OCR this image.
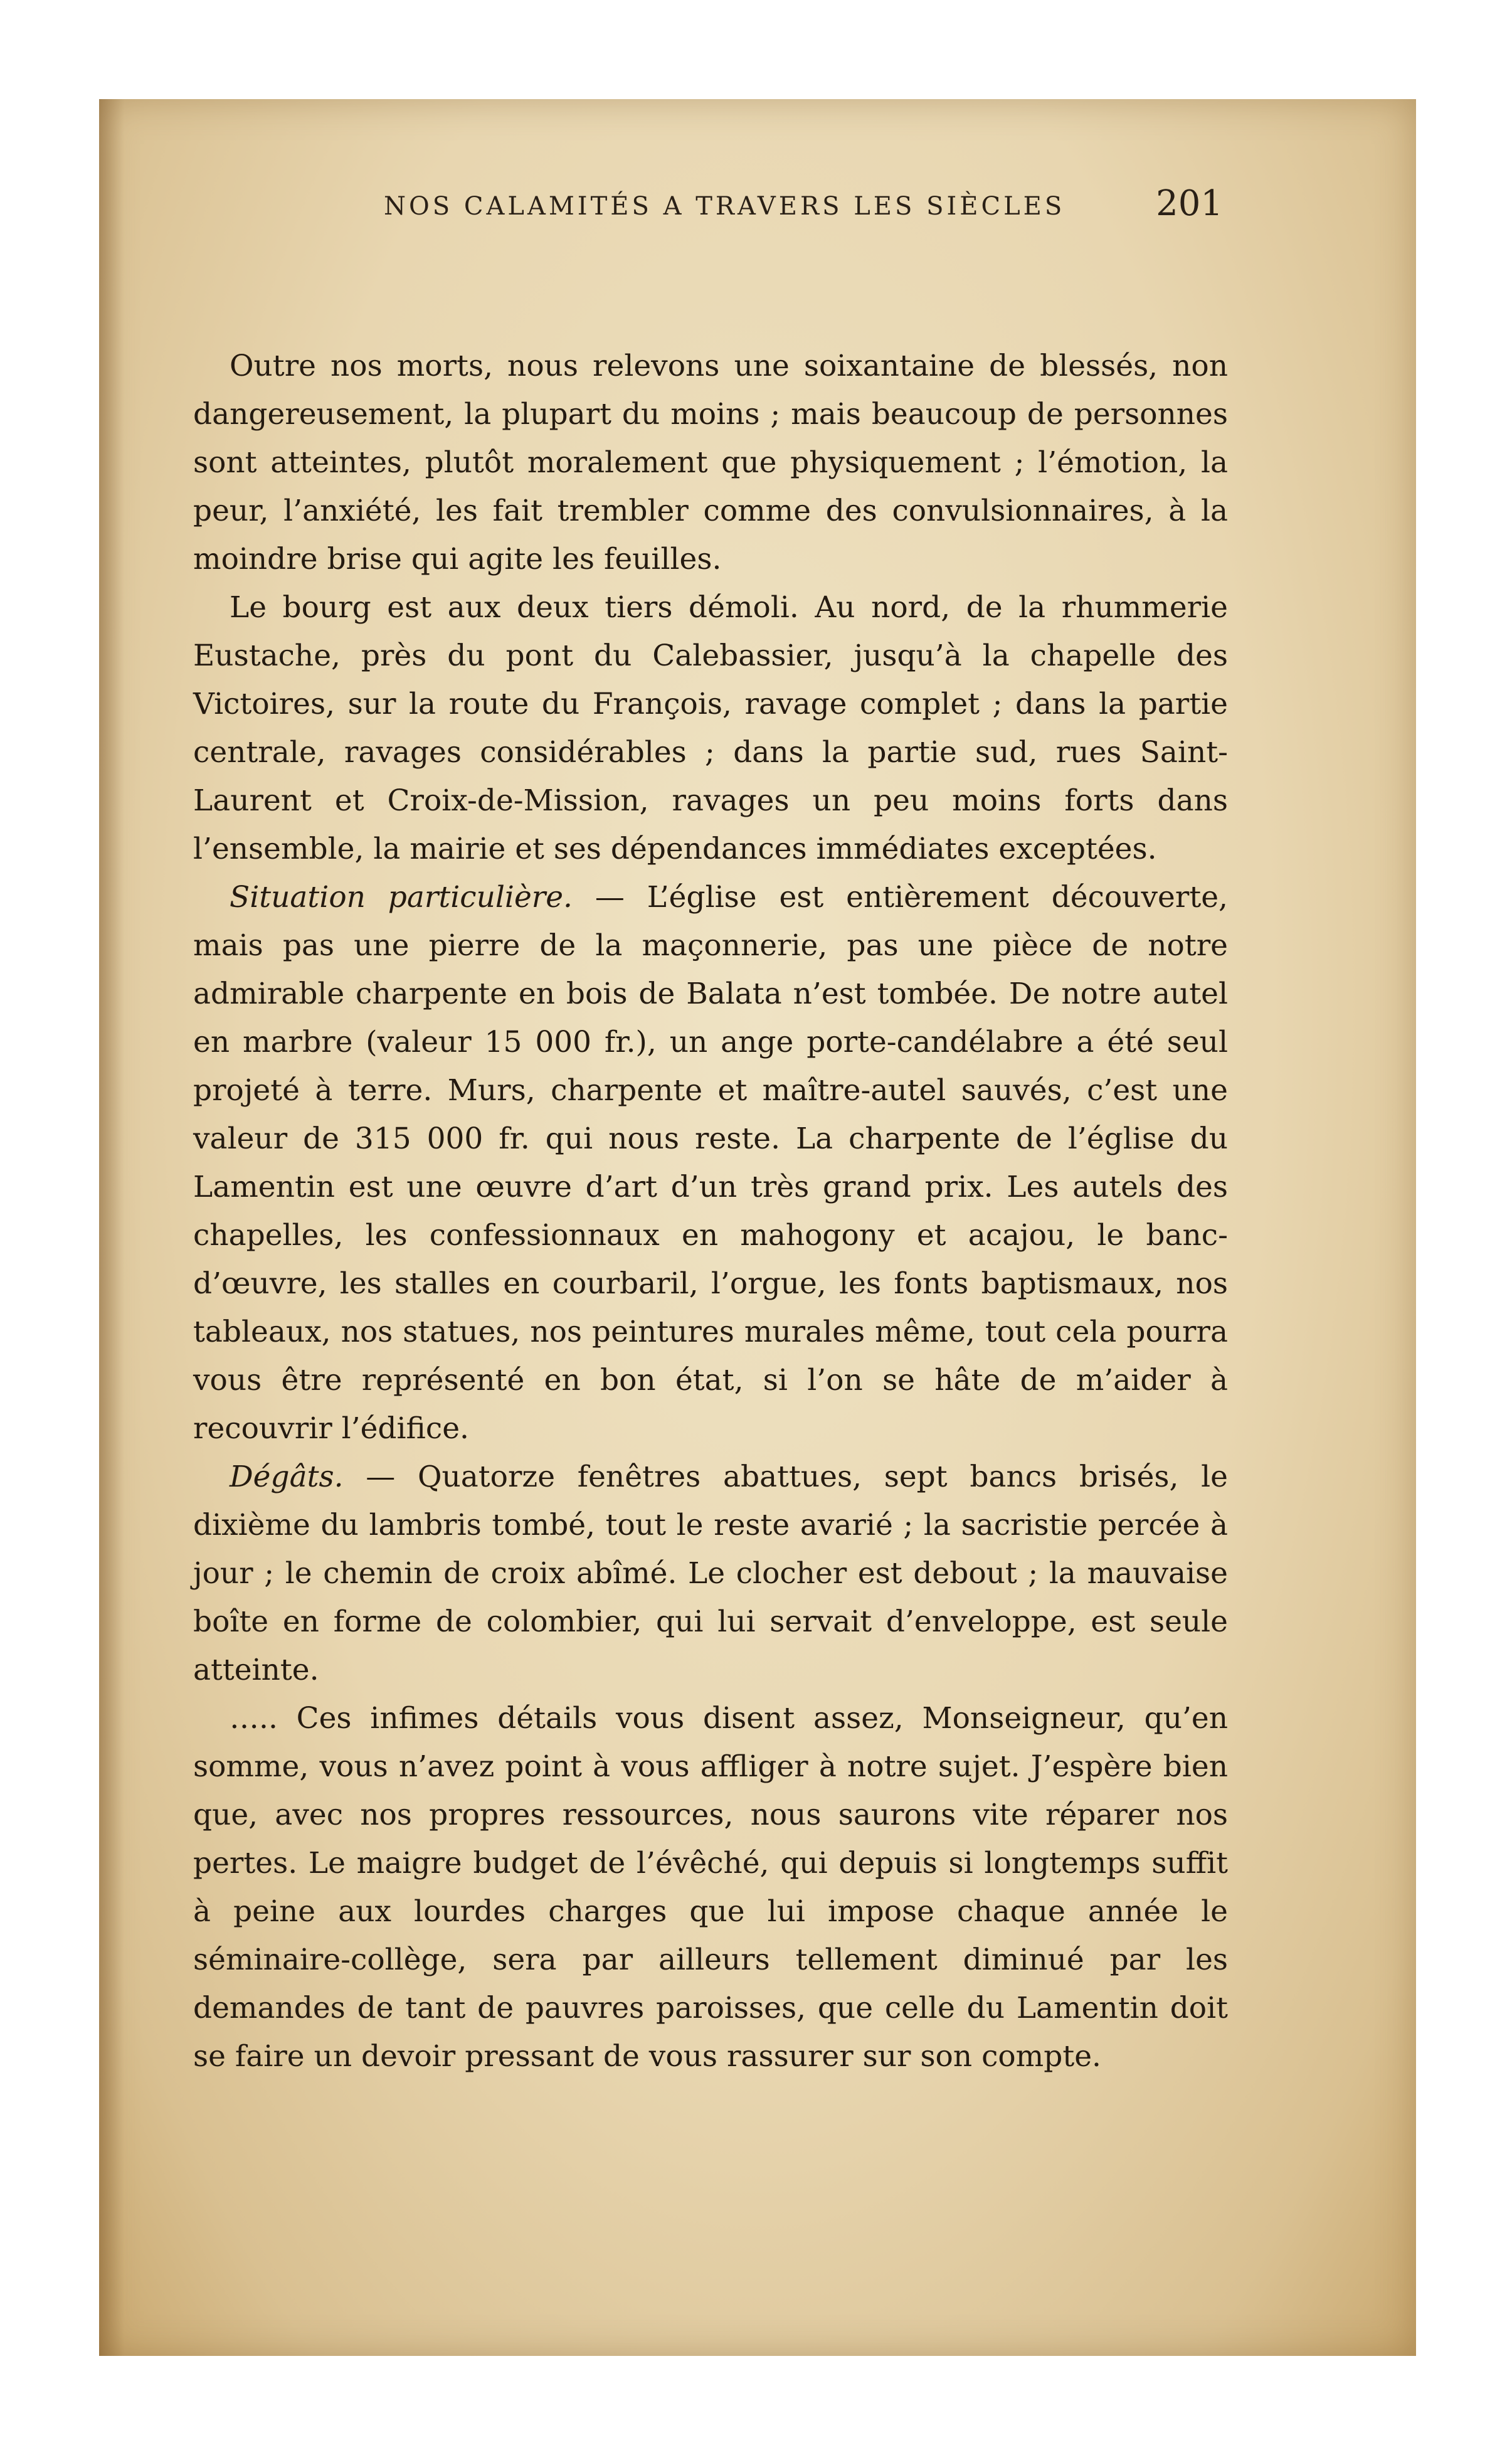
NOS CALAMITÉS A TRAVERS LES SIÈCLES	201

Outre nos morts, nous relevons une soixantaine de blessés, non dangereusement, la plupart du moins ; mais beaucoup de personnes sont atteintes, plutôt moralement que physiquement ; l’émotion, la peur, l’anxiété, les fait trembler comme des convulsionnaires, à la moindre brise qui agite les feuilles.

Le bourg est aux deux tiers démoli. Au nord, de la rhummerie Eustache, près du pont du Calebassier, jusqu’à la chapelle des Victoires, sur la route du François, ravage complet ; dans la partie centrale, ravages considérables ; dans la partie sud, rues Saint-Laurent et Croix-de-Mission, ravages un peu moins forts dans l’ensemble, la mairie et ses dépendances immédiates exceptées.

Situation particulière. — L’église est entièrement découverte, mais pas une pierre de la maçonnerie, pas une pièce de notre admirable charpente en bois de Balata n’est tombée. De notre autel en marbre (valeur 15 000 fr.), un ange porte-candélabre a été seul projeté à terre. Murs, charpente et maître-autel sauvés, c’est une valeur de 315 000 fr. qui nous reste. La charpente de l’église du Lamentin est une œuvre d’art d’un très grand prix. Les autels des chapelles, les confessionnaux en mahogony et acajou, le banc-d’œuvre, les stalles en courbaril, l’orgue, les fonts baptismaux, nos tableaux, nos statues, nos peintures murales même, tout cela pourra vous être représenté en bon état, si l’on se hâte de m’aider à recouvrir l’édifice.

Dégâts. — Quatorze fenêtres abattues, sept bancs brisés, le dixième du lambris tombé, tout le reste avarié ; la sacristie percée à jour ; le chemin de croix abîmé. Le clocher est debout ; la mauvaise boîte en forme de colombier, qui lui servait d’enveloppe, est seule atteinte.

….. Ces infimes détails vous disent assez, Monseigneur, qu’en somme, vous n’avez point à vous affliger à notre sujet. J’espère bien que, avec nos propres ressources, nous saurons vite réparer nos pertes. Le maigre budget de l’évêché, qui depuis si longtemps suffit à peine aux lourdes charges que lui impose chaque année le séminaire-collège, sera par ailleurs tellement diminué par les demandes de tant de pauvres paroisses, que celle du Lamentin doit se faire un devoir pressant de vous rassurer sur son compte.
